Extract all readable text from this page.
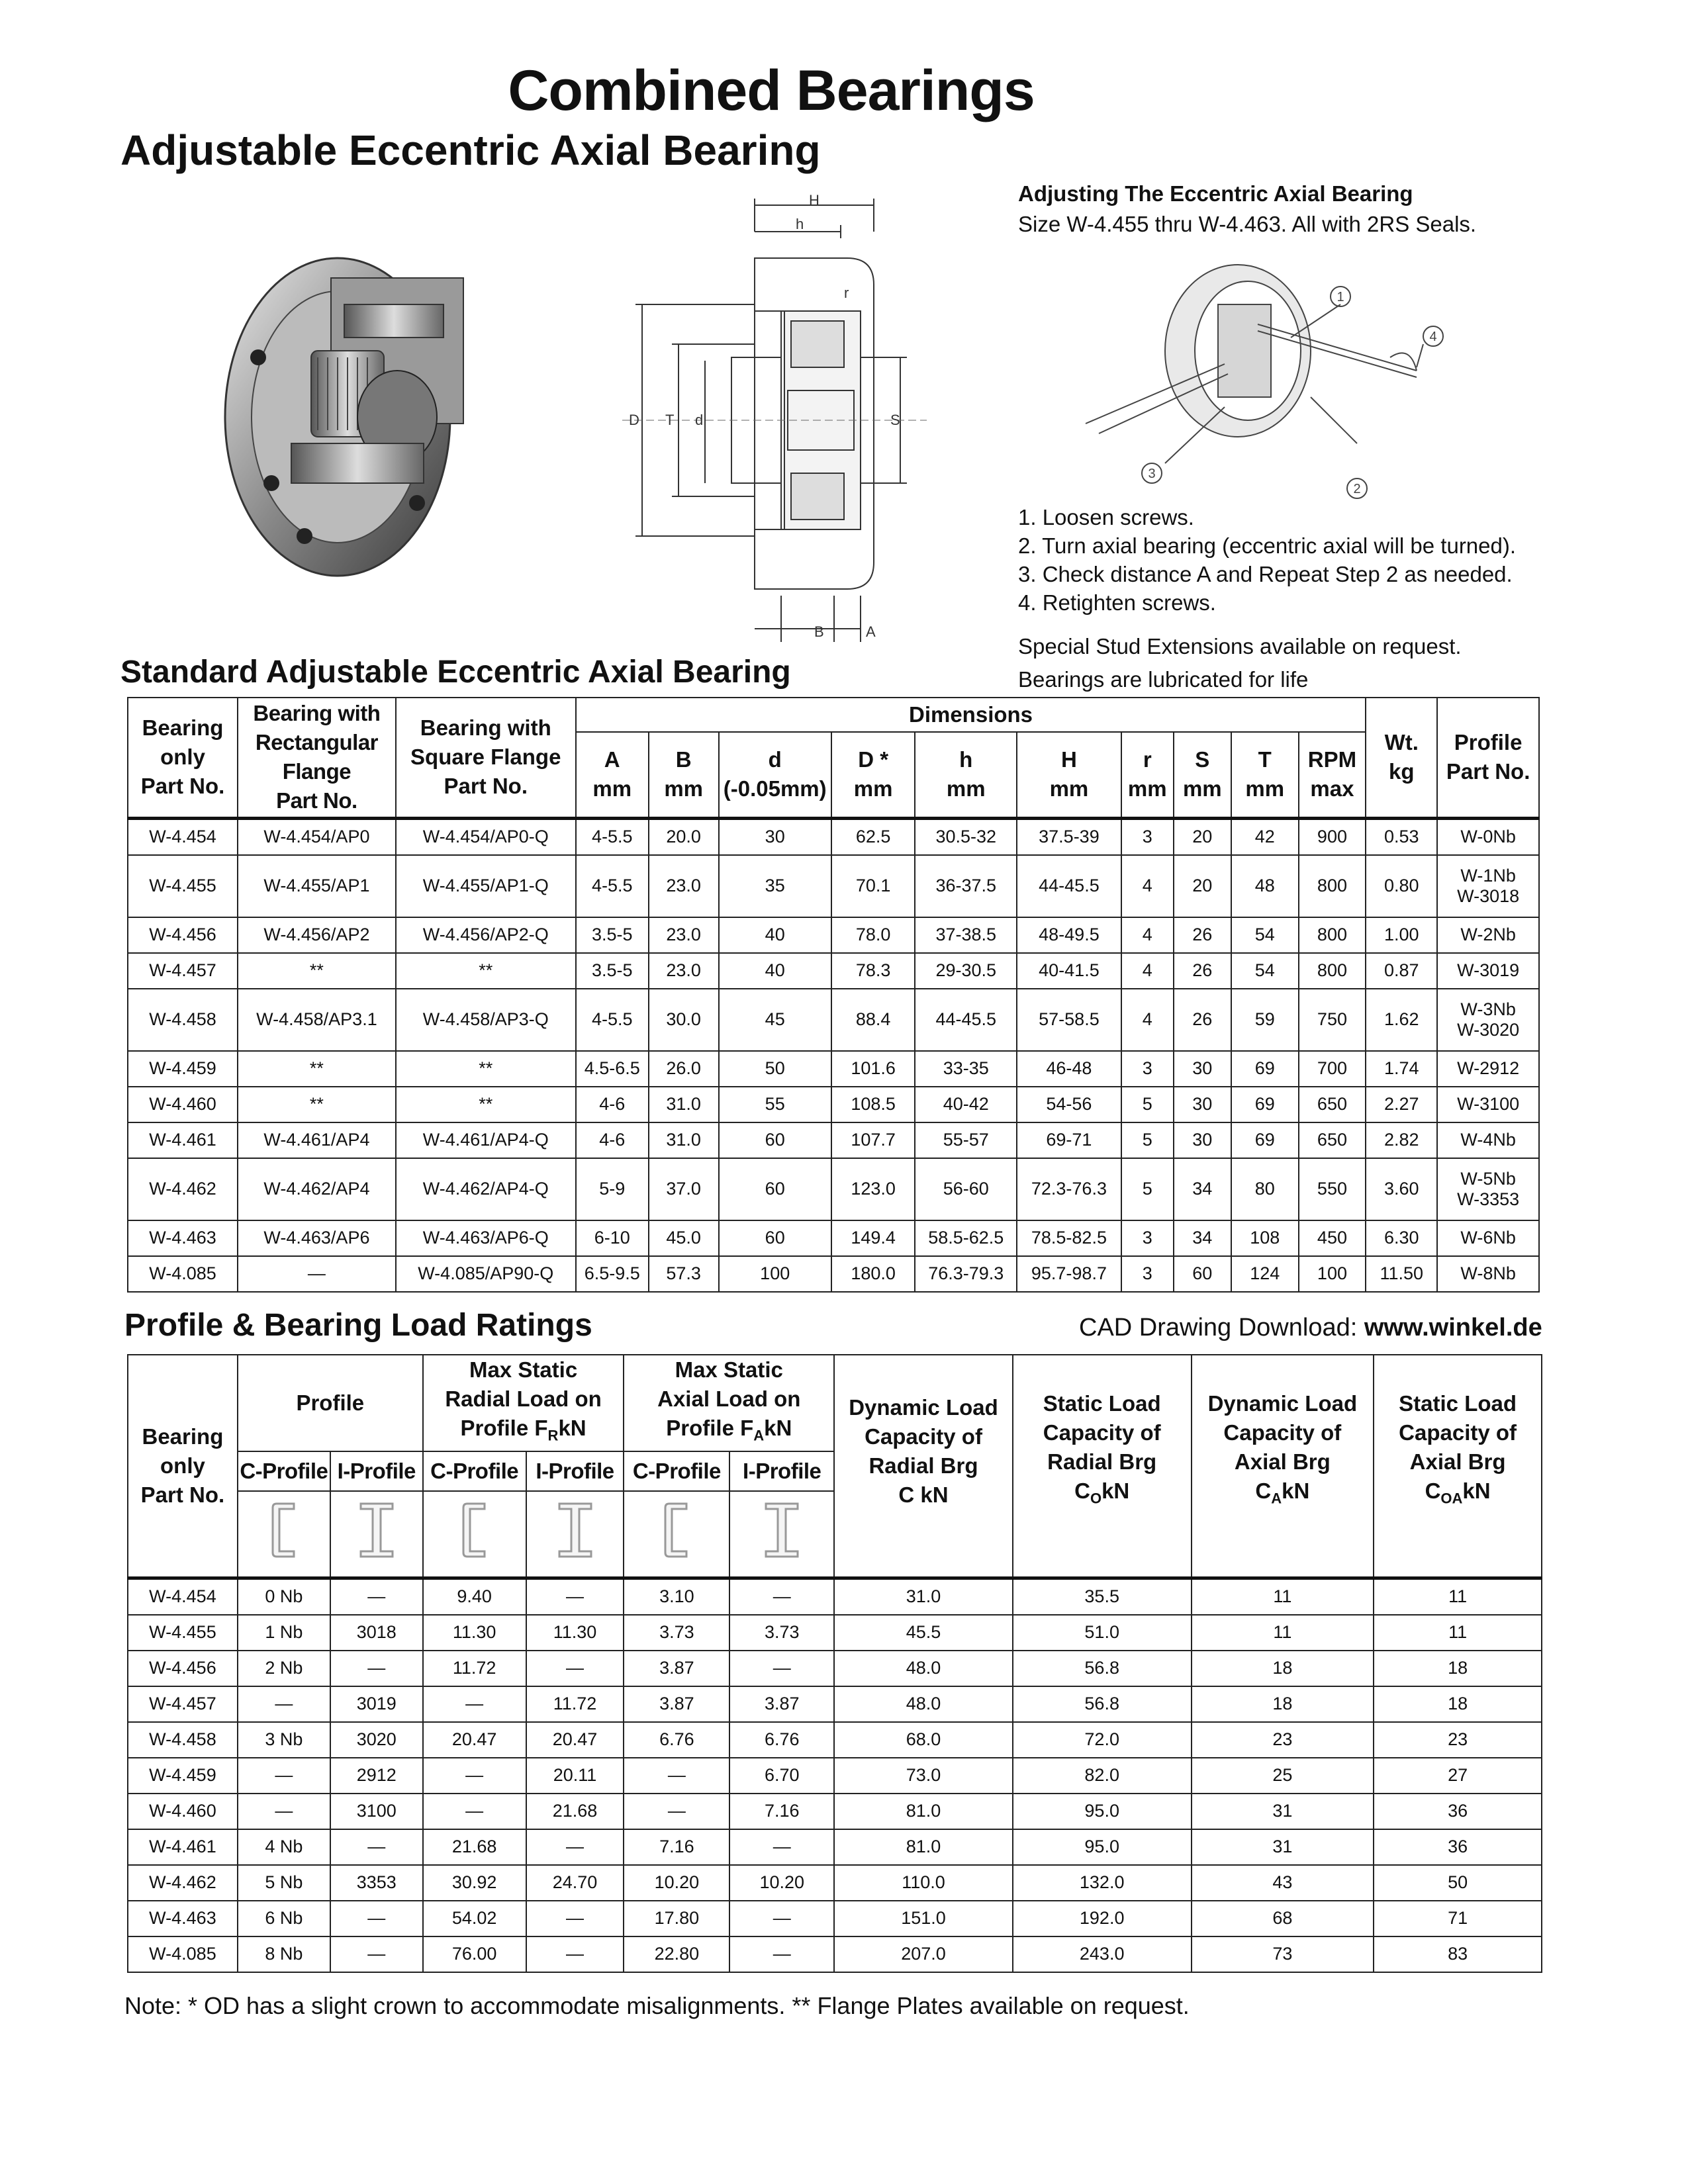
Combined Bearings
Adjustable Eccentric Axial Bearing
H
h
r
D T d	S
B	A
Adjusting The Eccentric Axial Bearing
Size W-4.455 thru W-4.463. All with 2RS Seals.
1
2
3
4
1. Loosen screws.
2. Turn axial bearing (eccentric axial will be turned).
3. Check distance A and Repeat Step 2 as needed.
4. Retighten screws.
Special Stud Extensions available on request.
Bearings are lubricated for life
Standard Adjustable Eccentric Axial Bearing
Bearing
only
Part No.	Bearing with
Rectangular
Flange
Part No.	Bearing with
Square Flange
Part No.	Dimensions										Wt.
kg	Profile
Part No.
			A
mm	B
mm	d
(-0.05mm)	D *
mm	h
mm	H
mm	r
mm	S
mm	T
mm	RPM
max		
W-4.454	W-4.454/AP0	W-4.454/AP0-Q	4-5.5	20.0	30	62.5	30.5-32	37.5-39	3	20	42	900	0.53	W-0Nb
W-4.455	W-4.455/AP1	W-4.455/AP1-Q	4-5.5	23.0	35	70.1	36-37.5	44-45.5	4	20	48	800	0.80	W-1Nb
W-3018

W-4.456	W-4.456/AP2	W-4.456/AP2-Q	3.5-5	23.0	40	78.0	37-38.5	48-49.5	4	26	54	800	1.00	W-2Nb
W-4.457	**	**	3.5-5	23.0	40	78.3	29-30.5	40-41.5	4	26	54	800	0.87	W-3019
W-4.458	W-4.458/AP3.1	W-4.458/AP3-Q	4-5.5	30.0	45	88.4	44-45.5	57-58.5	4	26	59	750	1.62	W-3Nb
W-3020

W-4.459	**	**	4.5-6.5	26.0	50	101.6	33-35	46-48	3	30	69	700	1.74	W-2912
W-4.460	**	**	4-6	31.0	55	108.5	40-42	54-56	5	30	69	650	2.27	W-3100
W-4.461	W-4.461/AP4	W-4.461/AP4-Q	4-6	31.0	60	107.7	55-57	69-71	5	30	69	650	2.82	W-4Nb
W-4.462	W-4.462/AP4	W-4.462/AP4-Q	5-9	37.0	60	123.0	56-60	72.3-76.3	5	34	80	550	3.60	W-5Nb
W-3353

W-4.463	W-4.463/AP6	W-4.463/AP6-Q	6-10	45.0	60	149.4	58.5-62.5	78.5-82.5	3	34	108	450	6.30	W-6Nb
W-4.085	—	W-4.085/AP90-Q	6.5-9.5	57.3	100	180.0	76.3-79.3	95.7-98.7	3	60	124	100	11.50	W-8Nb
Profile & Bearing Load Ratings	CAD Drawing Download: www.winkel.de
Bearing
only
Part No.	Profile		Max Static
Radial Load on
Profile $F_RkN$		Max Static
Axial Load on
Profile $F_AkN$		Dynamic Load
Capacity of
Radial Brg
C kN	Static Load
Capacity of
Radial Brg
$C_OkN$	Dynamic Load
Capacity of
Axial Brg
$C_AkN$	Static Load
Capacity of
Axial Brg
$C_{OA}kN$

	C-Profile	I-Profile	C-Profile	I-Profile	C-Profile	I-Profile				

W-4.454	0 Nb	—	9.40	—	3.10	—	31.0	35.5	11	11
W-4.455	1 Nb	3018	11.30	11.30	3.73	3.73	45.5	51.0	11	11
W-4.456	2 Nb	—	11.72	—	3.87	—	48.0	56.8	18	18
W-4.457	—	3019	—	11.72	3.87	3.87	48.0	56.8	18	18
W-4.458	3 Nb	3020	20.47	20.47	6.76	6.76	68.0	72.0	23	23
W-4.459	—	2912	—	20.11	—	6.70	73.0	82.0	25	27
W-4.460	—	3100	—	21.68	—	7.16	81.0	95.0	31	36
W-4.461	4 Nb	—	21.68	—	7.16	—	81.0	95.0	31	36
W-4.462	5 Nb	3353	30.92	24.70	10.20	10.20	110.0	132.0	43	50
W-4.463	6 Nb	—	54.02	—	17.80	—	151.0	192.0	68	71
W-4.085	8 Nb	—	76.00	—	22.80	—	207.0	243.0	73	83
Note: * OD has a slight crown to accommodate misalignments. ** Flange Plates available on request.
